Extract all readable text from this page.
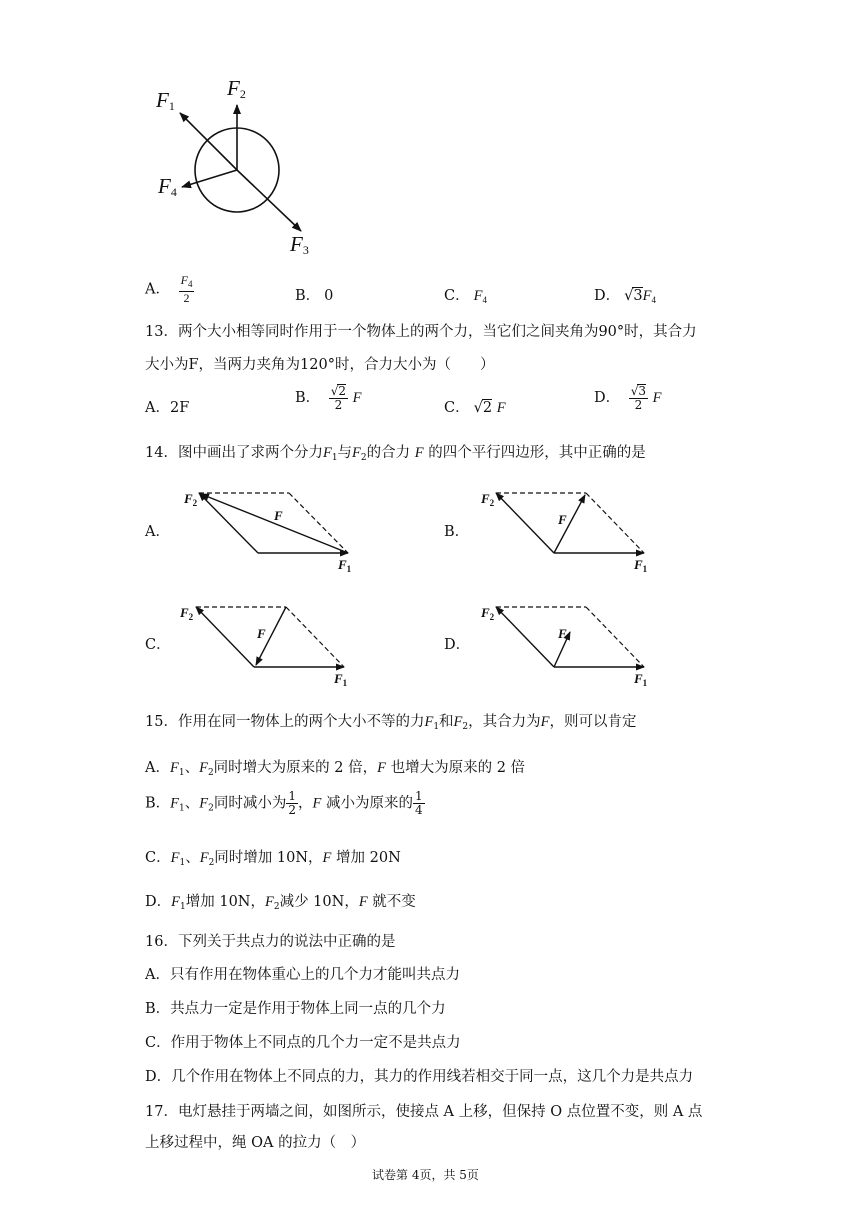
$F_1$
$F_2$
$F_4$
$F_3$
A． $\frac{F_4}{2}$	B． 0	C． $F_4$	D． $√3F_4$
13．两个大小相等同时作用于一个物体上的两个力，当它们之间夹角为90°时，其合力
大小为F，当两力夹角为120°时，合力大小为（　　）
A．2F
B． $\frac{√2}{2}$ F
C． √2 F
D． $\frac{√3}{2}$ F
14．图中画出了求两个分力$F_1$与$F_2$的合力 F 的四个平行四边形，其中正确的是
A．	B．
C．	D．
$F_2$
F
$F_1$
$F_2$
F
$F_1$
$F_2$
F
$F_1$
$F_2$
F
$F_1$
15．作用在同一物体上的两个大小不等的力$F_1$和$F_2$，其合力为F，则可以肯定
A．$F_1$、$F_2$同时增大为原来的 2 倍，F 也增大为原来的 2 倍
B．$F_1$、$F_2$同时减小为 $\frac{1}{2}$ ，F 减小为原来的 $\frac{1}{4}$
C．$F_1$、$F_2$同时增加 10N，F 增加 20N
D．$F_1$增加 10N，$F_2$减少 10N，F 就不变
16．下列关于共点力的说法中正确的是
A．只有作用在物体重心上的几个力才能叫共点力
B．共点力一定是作用于物体上同一点的几个力
C．作用于物体上不同点的几个力一定不是共点力
D．几个作用在物体上不同点的力，其力的作用线若相交于同一点，这几个力是共点力
17．电灯悬挂于两墙之间，如图所示，使接点 A 上移，但保持 O 点位置不变，则 A 点
上移过程中，绳 OA 的拉力（　）
试卷第 4页，共 5页
